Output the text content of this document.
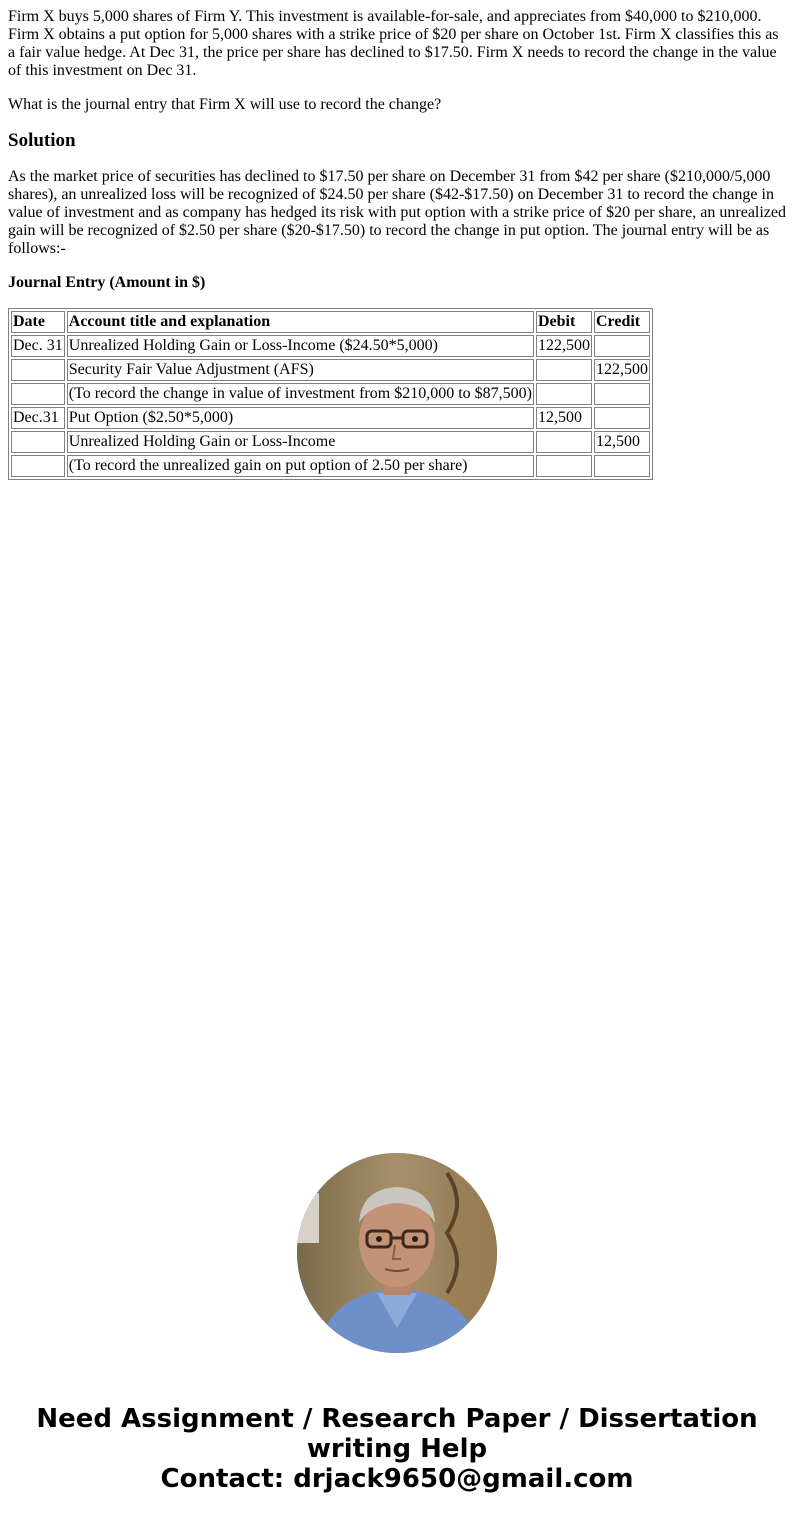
Firm X buys 5,000 shares of Firm Y. This investment is available-for-sale, and appreciates from $40,000 to $210,000. Firm X obtains a put option for 5,000 shares with a strike price of $20 per share on October 1st. Firm X classifies this as a fair value hedge. At Dec 31, the price per share has declined to $17.50. Firm X needs to record the change in the value of this investment on Dec 31.

What is the journal entry that Firm X will use to record the change?

Solution

As the market price of securities has declined to $17.50 per share on December 31 from $42 per share ($210,000/5,000 shares), an unrealized loss will be recognized of $24.50 per share ($42-$17.50) on December 31 to record the change in value of investment and as company has hedged its risk with put option with a strike price of $20 per share, an unrealized gain will be recognized of $2.50 per share ($20-$17.50) to record the change in put option. The journal entry will be as follows:-

Journal Entry (Amount in $)

Date	Account title and explanation	Debit	Credit
Dec. 31	Unrealized Holding Gain or Loss-Income ($24.50*5,000)	122,500	
	Security Fair Value Adjustment (AFS)		122,500
	(To record the change in value of investment from $210,000 to $87,500)		
Dec.31	Put Option ($2.50*5,000)	12,500	
	Unrealized Holding Gain or Loss-Income		12,500
	(To record the unrealized gain on put option of 2.50 per share)		
Need Assignment / Research Paper / Dissertation
writing Help
Contact: drjack9650@gmail.com
